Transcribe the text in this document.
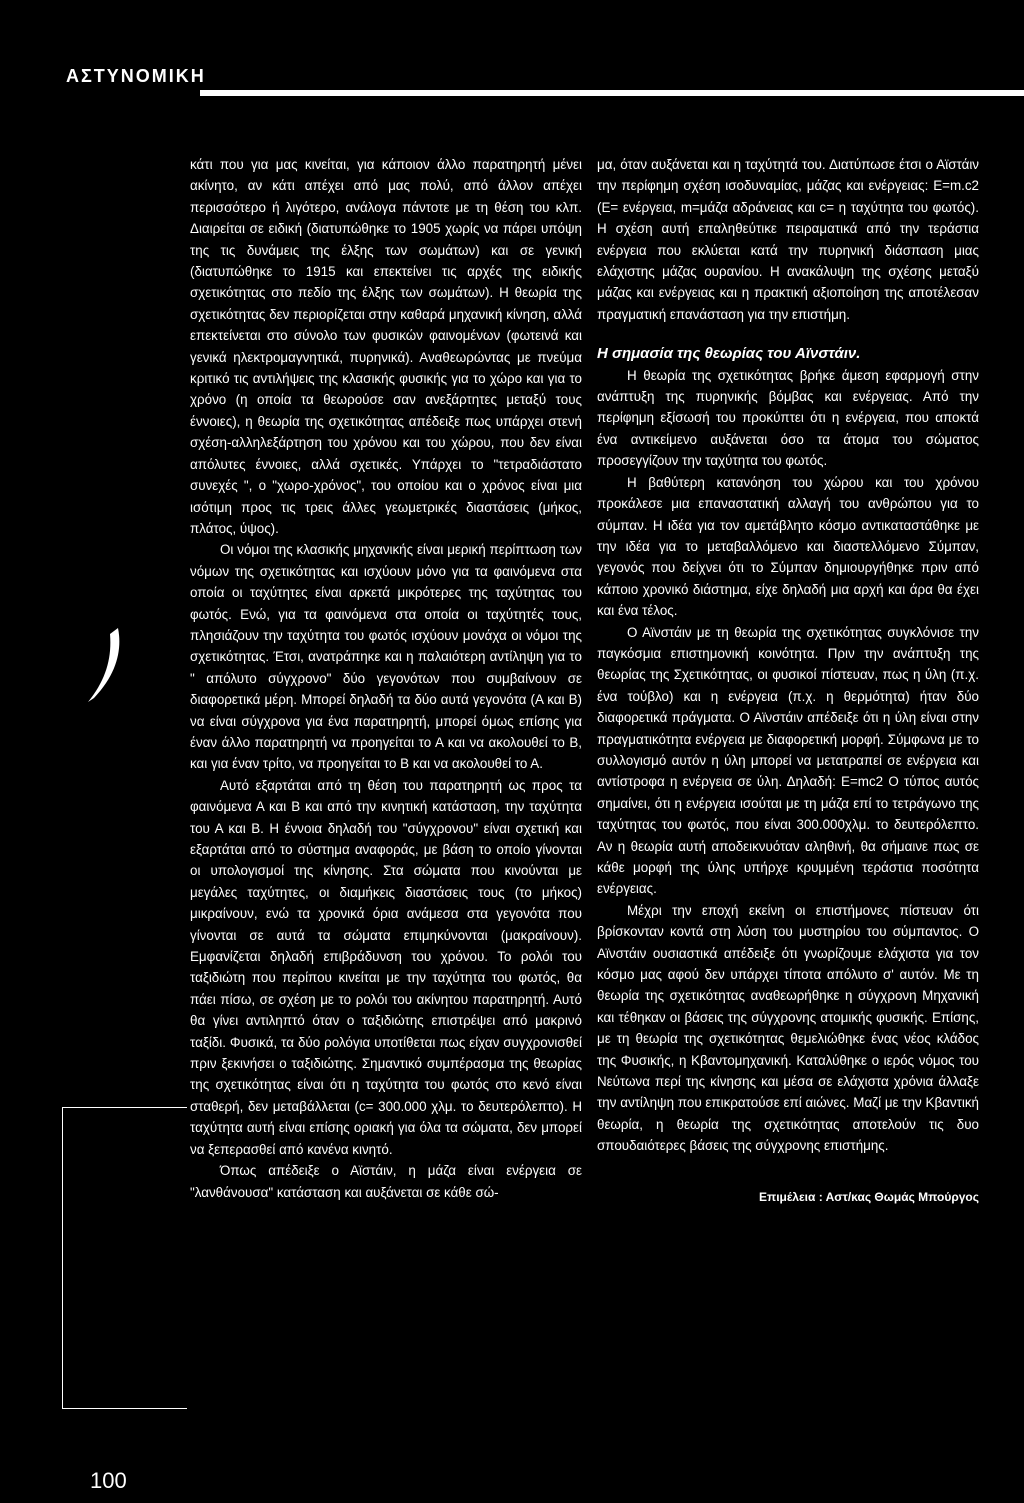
ΑΣΤΥΝΟΜΙΚΗ

κάτι που για μας κινείται, για κάποιον άλλο παρατηρητή μένει ακίνητο, αν κάτι απέχει από μας πολύ, από άλλον απέχει περισσότερο ή λιγότερο, ανάλογα πάντοτε με τη θέση του κλπ. Διαιρείται σε ειδική (διατυπώθηκε το 1905 χωρίς να πάρει υπόψη της τις δυνάμεις της έλξης των σωμάτων) και σε γενική (διατυπώθηκε το 1915 και επεκτείνει τις αρχές της ειδικής σχετικότητας στο πεδίο της έλξης των σωμάτων). Η θεωρία της σχετικότητας δεν περιορίζεται στην καθαρά μηχανική κίνηση, αλλά επεκτείνεται στο σύνολο των φυσικών φαινομένων (φωτεινά και γενικά ηλεκτρομαγνητικά, πυρηνικά). Αναθεωρώντας με πνεύμα κριτικό τις αντιλήψεις της κλασικής φυσικής για το χώρο και για το χρόνο (η οποία τα θεωρούσε σαν ανεξάρτητες μεταξύ τους έννοιες), η θεωρία της σχετικότητας απέδειξε πως υπάρχει στενή σχέση-αλληλεξάρτηση του χρόνου και του χώρου, που δεν είναι απόλυτες έννοιες, αλλά σχετικές. Υπάρχει το "τετραδιάστατο συνεχές ", ο "χωρο-χρόνος", του οποίου και ο χρόνος είναι μια ισότιμη προς τις τρεις άλλες γεωμετρικές διαστάσεις (μήκος, πλάτος, ύψος).

Οι νόμοι της κλασικής μηχανικής είναι μερική περίπτωση των νόμων της σχετικότητας και ισχύουν μόνο για τα φαινόμενα στα οποία οι ταχύτητες είναι αρκετά μικρότερες της ταχύτητας του φωτός. Ενώ, για τα φαινόμενα στα οποία οι ταχύτητές τους, πλησιάζουν την ταχύτητα του φωτός ισχύουν μονάχα οι νόμοι της σχετικότητας. Έτσι, ανατράπηκε και η παλαιότερη αντίληψη για το " απόλυτο σύγχρονο" δύο γεγονότων που συμβαίνουν σε διαφορετικά μέρη. Μπορεί δηλαδή τα δύο αυτά γεγονότα (Α και Β) να είναι σύγχρονα για ένα παρατηρητή, μπορεί όμως επίσης για έναν άλλο παρατηρητή να προηγείται το Α και να ακολουθεί το Β, και για έναν τρίτο, να προηγείται το Β και να ακολουθεί το Α.

Αυτό εξαρτάται από τη θέση του παρατηρητή ως προς τα φαινόμενα Α και Β και από την κινητική κατάσταση, την ταχύτητα του Α και Β. Η έννοια δηλαδή του "σύγχρονου" είναι σχετική και εξαρτάται από το σύστημα αναφοράς, με βάση το οποίο γίνονται οι υπολογισμοί της κίνησης. Στα σώματα που κινούνται με μεγάλες ταχύτητες, οι διαμήκεις διαστάσεις τους (το μήκος) μικραίνουν, ενώ τα χρονικά όρια ανάμεσα στα γεγονότα που γίνονται σε αυτά τα σώματα επιμηκύνονται (μακραίνουν). Εμφανίζεται δηλαδή επιβράδυνση του χρόνου. Το ρολόι του ταξιδιώτη που περίπου κινείται με την ταχύτητα του φωτός, θα πάει πίσω, σε σχέση με το ρολόι του ακίνητου παρατηρητή. Αυτό θα γίνει αντιληπτό όταν ο ταξιδιώτης επιστρέψει από μακρινό ταξίδι. Φυσικά, τα δύο ρολόγια υποτίθεται πως είχαν συγχρονισθεί πριν ξεκινήσει ο ταξιδιώτης. Σημαντικό συμπέρασμα της θεωρίας της σχετικότητας είναι ότι η ταχύτητα του φωτός στο κενό είναι σταθερή, δεν μεταβάλλεται (c= 300.000 χλμ. το δευτερόλεπτο). Η ταχύτητα αυτή είναι επίσης οριακή για όλα τα σώματα, δεν μπορεί να ξεπερασθεί από κανένα κινητό.

Όπως απέδειξε ο Αϊστάιν, η μάζα είναι ενέργεια σε "λανθάνουσα" κατάσταση και αυξάνεται σε κάθε σώ-

μα, όταν αυξάνεται και η ταχύτητά του. Διατύπωσε έτσι ο Αϊστάιν την περίφημη σχέση ισοδυναμίας, μάζας και ενέργειας: E=m.c2 (E= ενέργεια, m=μάζα αδράνειας και c= η ταχύτητα του φωτός). Η σχέση αυτή επαληθεύτικε πειραματικά από την τεράστια ενέργεια που εκλύεται κατά την πυρηνική διάσπαση μιας ελάχιστης μάζας ουρανίου. Η ανακάλυψη της σχέσης μεταξύ μάζας και ενέργειας και η πρακτική αξιοποίηση της αποτέλεσαν πραγματική επανάσταση για την επιστήμη.

Η σημασία της θεωρίας του Αϊνστάιν.

Η θεωρία της σχετικότητας βρήκε άμεση εφαρμογή στην ανάπτυξη της πυρηνικής βόμβας και ενέργειας. Από την περίφημη εξίσωσή του προκύπτει ότι η ενέργεια, που αποκτά ένα αντικείμενο αυξάνεται όσο τα άτομα του σώματος προσεγγίζουν την ταχύτητα του φωτός.

Η βαθύτερη κατανόηση του χώρου και του χρόνου προκάλεσε μια επαναστατική αλλαγή του ανθρώπου για το σύμπαν. Η ιδέα για τον αμετάβλητο κόσμο αντικαταστάθηκε με την ιδέα για το μεταβαλλόμενο και διαστελλόμενο Σύμπαν, γεγονός που δείχνει ότι το Σύμπαν δημιουργήθηκε πριν από κάποιο χρονικό διάστημα, είχε δηλαδή μια αρχή και άρα θα έχει και ένα τέλος.

Ο Αϊνστάιν με τη θεωρία της σχετικότητας συγκλόνισε την παγκόσμια επιστημονική κοινότητα. Πριν την ανάπτυξη της θεωρίας της Σχετικότητας, οι φυσικοί πίστευαν, πως η ύλη (π.χ. ένα τούβλο) και η ενέργεια (π.χ. η θερμότητα) ήταν δύο διαφορετικά πράγματα. Ο Αϊνστάιν απέδειξε ότι η ύλη είναι στην πραγματικότητα ενέργεια με διαφορετική μορφή. Σύμφωνα με το συλλογισμό αυτόν η ύλη μπορεί να μετατραπεί σε ενέργεια και αντίστροφα η ενέργεια σε ύλη. Δηλαδή: E=mc2 Ο τύπος αυτός σημαίνει, ότι η ενέργεια ισούται με τη μάζα επί το τετράγωνο της ταχύτητας του φωτός, που είναι 300.000χλμ. το δευτερόλεπτο. Αν η θεωρία αυτή αποδεικνυόταν αληθινή, θα σήμαινε πως σε κάθε μορφή της ύλης υπήρχε κρυμμένη τεράστια ποσότητα ενέργειας.

Μέχρι την εποχή εκείνη οι επιστήμονες πίστευαν ότι βρίσκονταν κοντά στη λύση του μυστηρίου του σύμπαντος. Ο Αϊνστάιν ουσιαστικά απέδειξε ότι γνωρίζουμε ελάχιστα για τον κόσμο μας αφού δεν υπάρχει τίποτα απόλυτο σ' αυτόν. Με τη θεωρία της σχετικότητας αναθεωρήθηκε η σύγχρονη Μηχανική και τέθηκαν οι βάσεις της σύγχρονης ατομικής φυσικής. Επίσης, με τη θεωρία της σχετικότητας θεμελιώθηκε ένας νέος κλάδος της Φυσικής, η Κβαντομηχανική. Καταλύθηκε ο ιερός νόμος του Νεύτωνα περί της κίνησης και μέσα σε ελάχιστα χρόνια άλλαξε την αντίληψη που επικρατούσε επί αιώνες. Μαζί με την Κβαντική θεωρία, η θεωρία της σχετικότητας αποτελούν τις δυο σπουδαιότερες βάσεις της σύγχρονης επιστήμης.

Επιμέλεια : Αστ/κας Θωμάς Μπούργος

100
